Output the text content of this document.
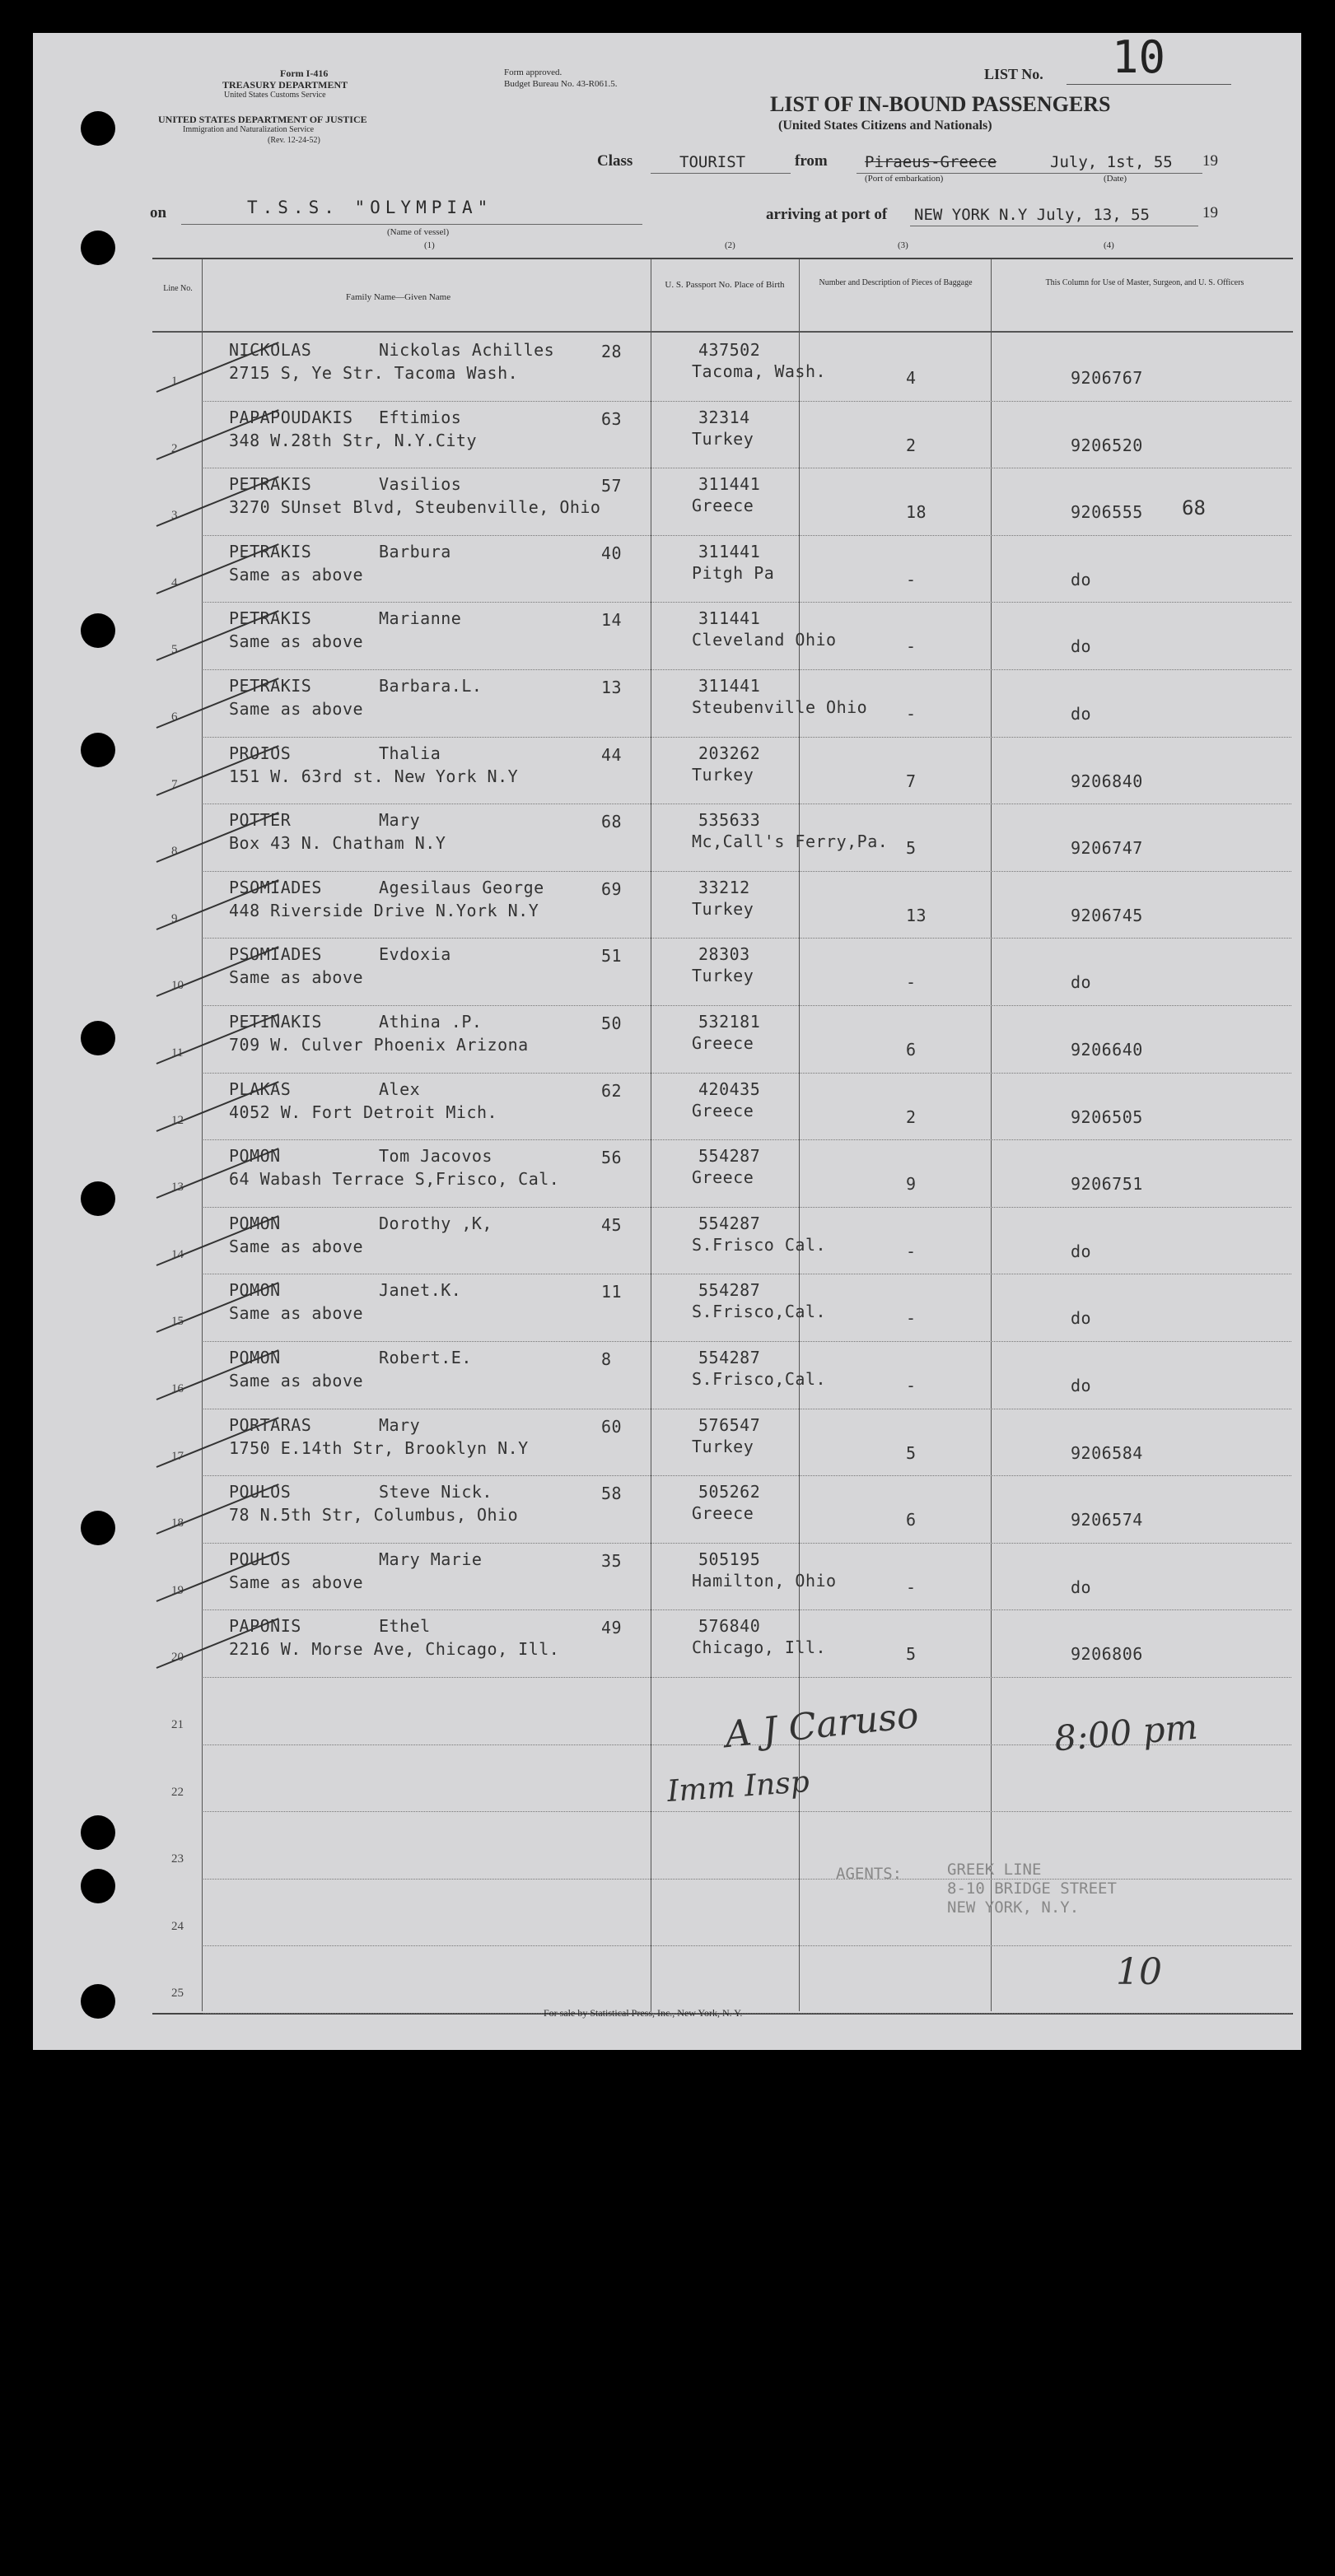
Form I-416
TREASURY DEPARTMENT
United States Customs Service
UNITED STATES DEPARTMENT OF JUSTICE
Immigration and Naturalization Service
(Rev. 12-24-52)
Form approved.
Budget Bureau No. 43-R061.5.
LIST No. 10
LIST OF IN-BOUND PASSENGERS
(United States Citizens and Nationals)
Class	TOURIST	from Piraeus-Greece	July, 1st, 55
(Port of embarkation)	(Date)
19
on	T.S.S. "OLYMPIA"
(Name of vessel)
arriving at port of NEW YORK N.Y July, 13, 55	19
(1)	(2)	(3)	(4)
Line No.
Family Name—Given Name
U. S. Passport No. Place of Birth	Number and Description of Pieces of Baggage	This Column for Use of Master, Surgeon, and U. S. Officers
1
NICKOLAS	Nickolas Achilles	28
2715 S, Ye Str. Tacoma Wash.
437502
Tacoma, Wash.	4	9206767
2
PAPAPOUDAKIS Eftimios	63
348 W.28th Str, N.Y.City
32314
Turkey	2	9206520
3
PETRAKIS	Vasilios	57
3270 SUnset Blvd, Steubenville, Ohio
311441
Greece	18	9206555
4
PETRAKIS	Barbura	40
Same as above
311441
Pitgh Pa	-	do
5
PETRAKIS	Marianne	14
Same as above
311441
Cleveland Ohio	-	do
6
PETRAKIS	Barbara.L.	13
Same as above
311441
Steubenville Ohio -	do
7
PROIOS	Thalia	44
151 W. 63rd st. New York N.Y
203262
Turkey	7	9206840
8
POTTER	Mary	68
Box 43 N. Chatham N.Y
535633
Mc,Call's Ferry,Pa. 5	9206747
9
PSOMIADES	Agesilaus George	69
448 Riverside Drive N.York N.Y
33212
Turkey	13	9206745
10
PSOMIADES	Evdoxia	51
Same as above
28303
Turkey	-	do
11
PETINAKIS	Athina .P.	50
709 W. Culver Phoenix Arizona
532181
Greece	6	9206640
12
PLAKAS	Alex	62
4052 W. Fort Detroit Mich.
420435
Greece	2	9206505
13
POMON	Tom Jacovos	56
64 Wabash Terrace S,Frisco, Cal.
554287
Greece	9	9206751
14
POMON	Dorothy ,K,	45
Same as above
554287
S.Frisco Cal.	-	do
15
POMON	Janet.K.	11
Same as above
554287
S.Frisco,Cal.	-	do
16
POMON	Robert.E.	8
Same as above
554287
S.Frisco,Cal.	-	do
17
PORTARAS	Mary	60
1750 E.14th Str, Brooklyn N.Y
576547
Turkey	5	9206584
18
POULOS	Steve Nick.	58
78 N.5th Str, Columbus, Ohio
505262
Greece	6	9206574
19
POULOS	Mary Marie	35
Same as above
505195
Hamilton, Ohio	-	do
20
PAPONIS	Ethel	49
2216 W. Morse Ave, Chicago, Ill.
576840
Chicago, Ill.	5	9206806
21
22
23
24
25
68
A J Caruso
Imm Insp
8:00 pm
AGENTS:	GREEK LINE
8-10 BRIDGE STREET
NEW YORK, N.Y.
10
For sale by Statistical Press, Inc., New York, N. Y.
